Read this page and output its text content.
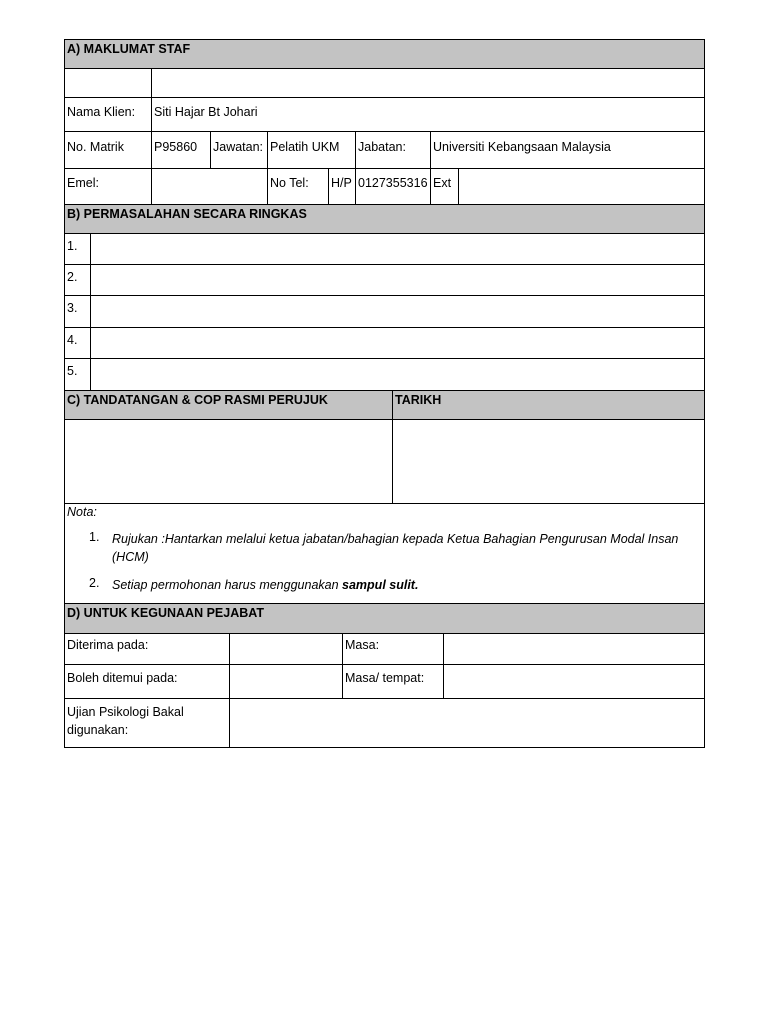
A) MAKLUMAT STAF
Nama Klien:	Siti Hajar Bt Johari
No. Matrik	P95860	Jawatan: Pelatih UKM	Jabatan:	Universiti Kebangsaan Malaysia
Emel:	No Tel:	H/P 0127355316 Ext
B) PERMASALAHAN SECARA RINGKAS
1.
2.
3.
4.
5.
C) TANDATANGAN & COP RASMI PERUJUK	TARIKH
Nota:
1. Rujukan :Hantarkan melalui ketua jabatan/bahagian kepada Ketua Bahagian Pengurusan Modal Insan (HCM)
2. Setiap permohonan harus menggunakan sampul sulit.
D) UNTUK KEGUNAAN PEJABAT
Diterima pada:	Masa:
Boleh ditemui pada:	Masa/ tempat:
Ujian Psikologi Bakal
digunakan:
